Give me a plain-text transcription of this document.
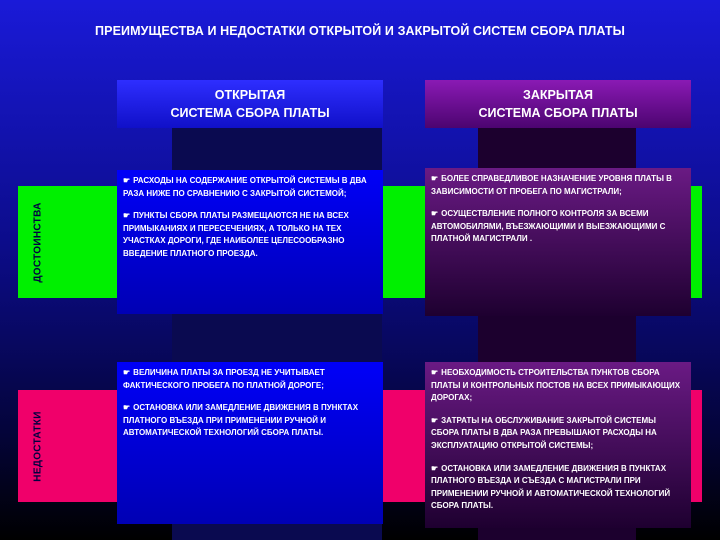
ПРЕИМУЩЕСТВА И НЕДОСТАТКИ ОТКРЫТОЙ И ЗАКРЫТОЙ СИСТЕМ СБОРА ПЛАТЫ
ДОСТОИНСТВА
НЕДОСТАТКИ
ОТКРЫТАЯ
СИСТЕМА СБОРА ПЛАТЫ
ЗАКРЫТАЯ
СИСТЕМА СБОРА ПЛАТЫ
☛ РАСХОДЫ НА СОДЕРЖАНИЕ ОТКРЫТОЙ СИСТЕМЫ В ДВА РАЗА НИЖЕ ПО СРАВНЕНИЮ С ЗАКРЫТОЙ СИСТЕМОЙ;
☛ ПУНКТЫ СБОРА ПЛАТЫ РАЗМЕЩАЮТСЯ НЕ НА ВСЕХ ПРИМЫКАНИЯХ И ПЕРЕСЕЧЕНИЯХ, А ТОЛЬКО НА ТЕХ УЧАСТКАХ ДОРОГИ, ГДЕ НАИБОЛЕЕ ЦЕЛЕСООБРАЗНО ВВЕДЕНИЕ ПЛАТНОГО ПРОЕЗДА.
☛ БОЛЕЕ СПРАВЕДЛИВОЕ НАЗНАЧЕНИЕ УРОВНЯ ПЛАТЫ В ЗАВИСИМОСТИ ОТ ПРОБЕГА ПО МАГИСТРАЛИ;
☛ ОСУЩЕСТВЛЕНИЕ ПОЛНОГО КОНТРОЛЯ ЗА ВСЕМИ АВТОМОБИЛЯМИ, ВЪЕЗЖАЮЩИМИ И ВЫЕЗЖАЮЩИМИ С ПЛАТНОЙ МАГИСТРАЛИ .
☛ ВЕЛИЧИНА ПЛАТЫ ЗА ПРОЕЗД НЕ УЧИТЫВАЕТ ФАКТИЧЕСКОГО ПРОБЕГА ПО ПЛАТНОЙ ДОРОГЕ;
☛ ОСТАНОВКА ИЛИ ЗАМЕДЛЕНИЕ ДВИЖЕНИЯ В ПУНКТАХ ПЛАТНОГО ВЪЕЗДА ПРИ ПРИМЕНЕНИИ РУЧНОЙ И АВТОМАТИЧЕСКОЙ ТЕХНОЛОГИЙ СБОРА ПЛАТЫ.
☛ НЕОБХОДИМОСТЬ СТРОИТЕЛЬСТВА ПУНКТОВ СБОРА ПЛАТЫ И КОНТРОЛЬНЫХ ПОСТОВ НА ВСЕХ ПРИМЫКАЮЩИХ ДОРОГАХ;
☛ ЗАТРАТЫ НА ОБСЛУЖИВАНИЕ ЗАКРЫТОЙ СИСТЕМЫ СБОРА ПЛАТЫ В ДВА РАЗА ПРЕВЫШАЮТ РАСХОДЫ НА ЭКСПЛУАТАЦИЮ ОТКРЫТОЙ СИСТЕМЫ;
☛ ОСТАНОВКА ИЛИ ЗАМЕДЛЕНИЕ ДВИЖЕНИЯ В ПУНКТАХ ПЛАТНОГО ВЪЕЗДА И СЪЕЗДА С МАГИСТРАЛИ ПРИ ПРИМЕНЕНИИ РУЧНОЙ И АВТОМАТИЧЕСКОЙ ТЕХНОЛОГИЙ СБОРА ПЛАТЫ.
